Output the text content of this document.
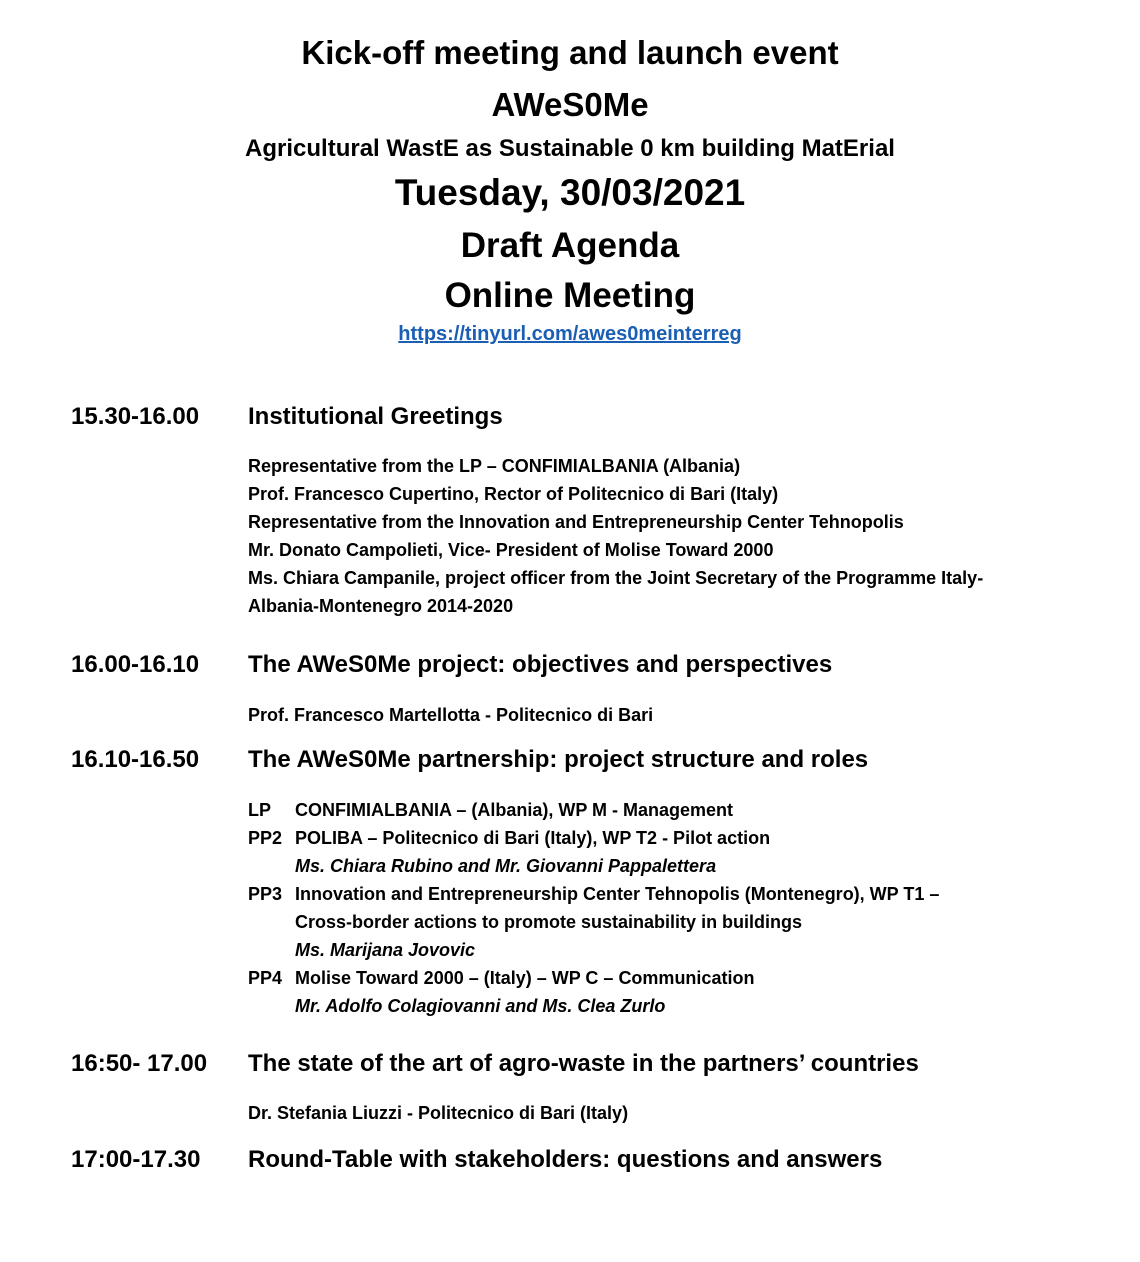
Kick-off meeting and launch event
AWeS0Me
Agricultural WastE as Sustainable 0 km building MatErial
Tuesday, 30/03/2021
Draft Agenda
Online Meeting
https://tinyurl.com/awes0meinterreg
15.30-16.00 Institutional Greetings
Representative from the LP – CONFIMIALBANIA (Albania)
Prof. Francesco Cupertino, Rector of Politecnico di Bari (Italy)
Representative from the Innovation and Entrepreneurship Center Tehnopolis
Mr. Donato Campolieti, Vice- President of Molise Toward 2000
Ms. Chiara Campanile, project officer from the Joint Secretary of the Programme Italy-
Albania-Montenegro 2014-2020
16.00-16.10 The AWeS0Me project: objectives and perspectives
Prof. Francesco Martellotta - Politecnico di Bari
16.10-16.50 The AWeS0Me partnership: project structure and roles
LP	CONFIMIALBANIA – (Albania), WP M - Management
PP2 POLIBA – Politecnico di Bari (Italy), WP T2 - Pilot action
Ms. Chiara Rubino and Mr. Giovanni Pappalettera
PP3 Innovation and Entrepreneurship Center Tehnopolis (Montenegro), WP T1 –
Cross-border actions to promote sustainability in buildings
Ms. Marijana Jovovic
PP4 Molise Toward 2000 – (Italy) – WP C – Communication
Mr. Adolfo Colagiovanni and Ms. Clea Zurlo
16:50- 17.00 The state of the art of agro-waste in the partners’ countries
Dr. Stefania Liuzzi - Politecnico di Bari (Italy)
17:00-17.30 Round-Table with stakeholders: questions and answers
